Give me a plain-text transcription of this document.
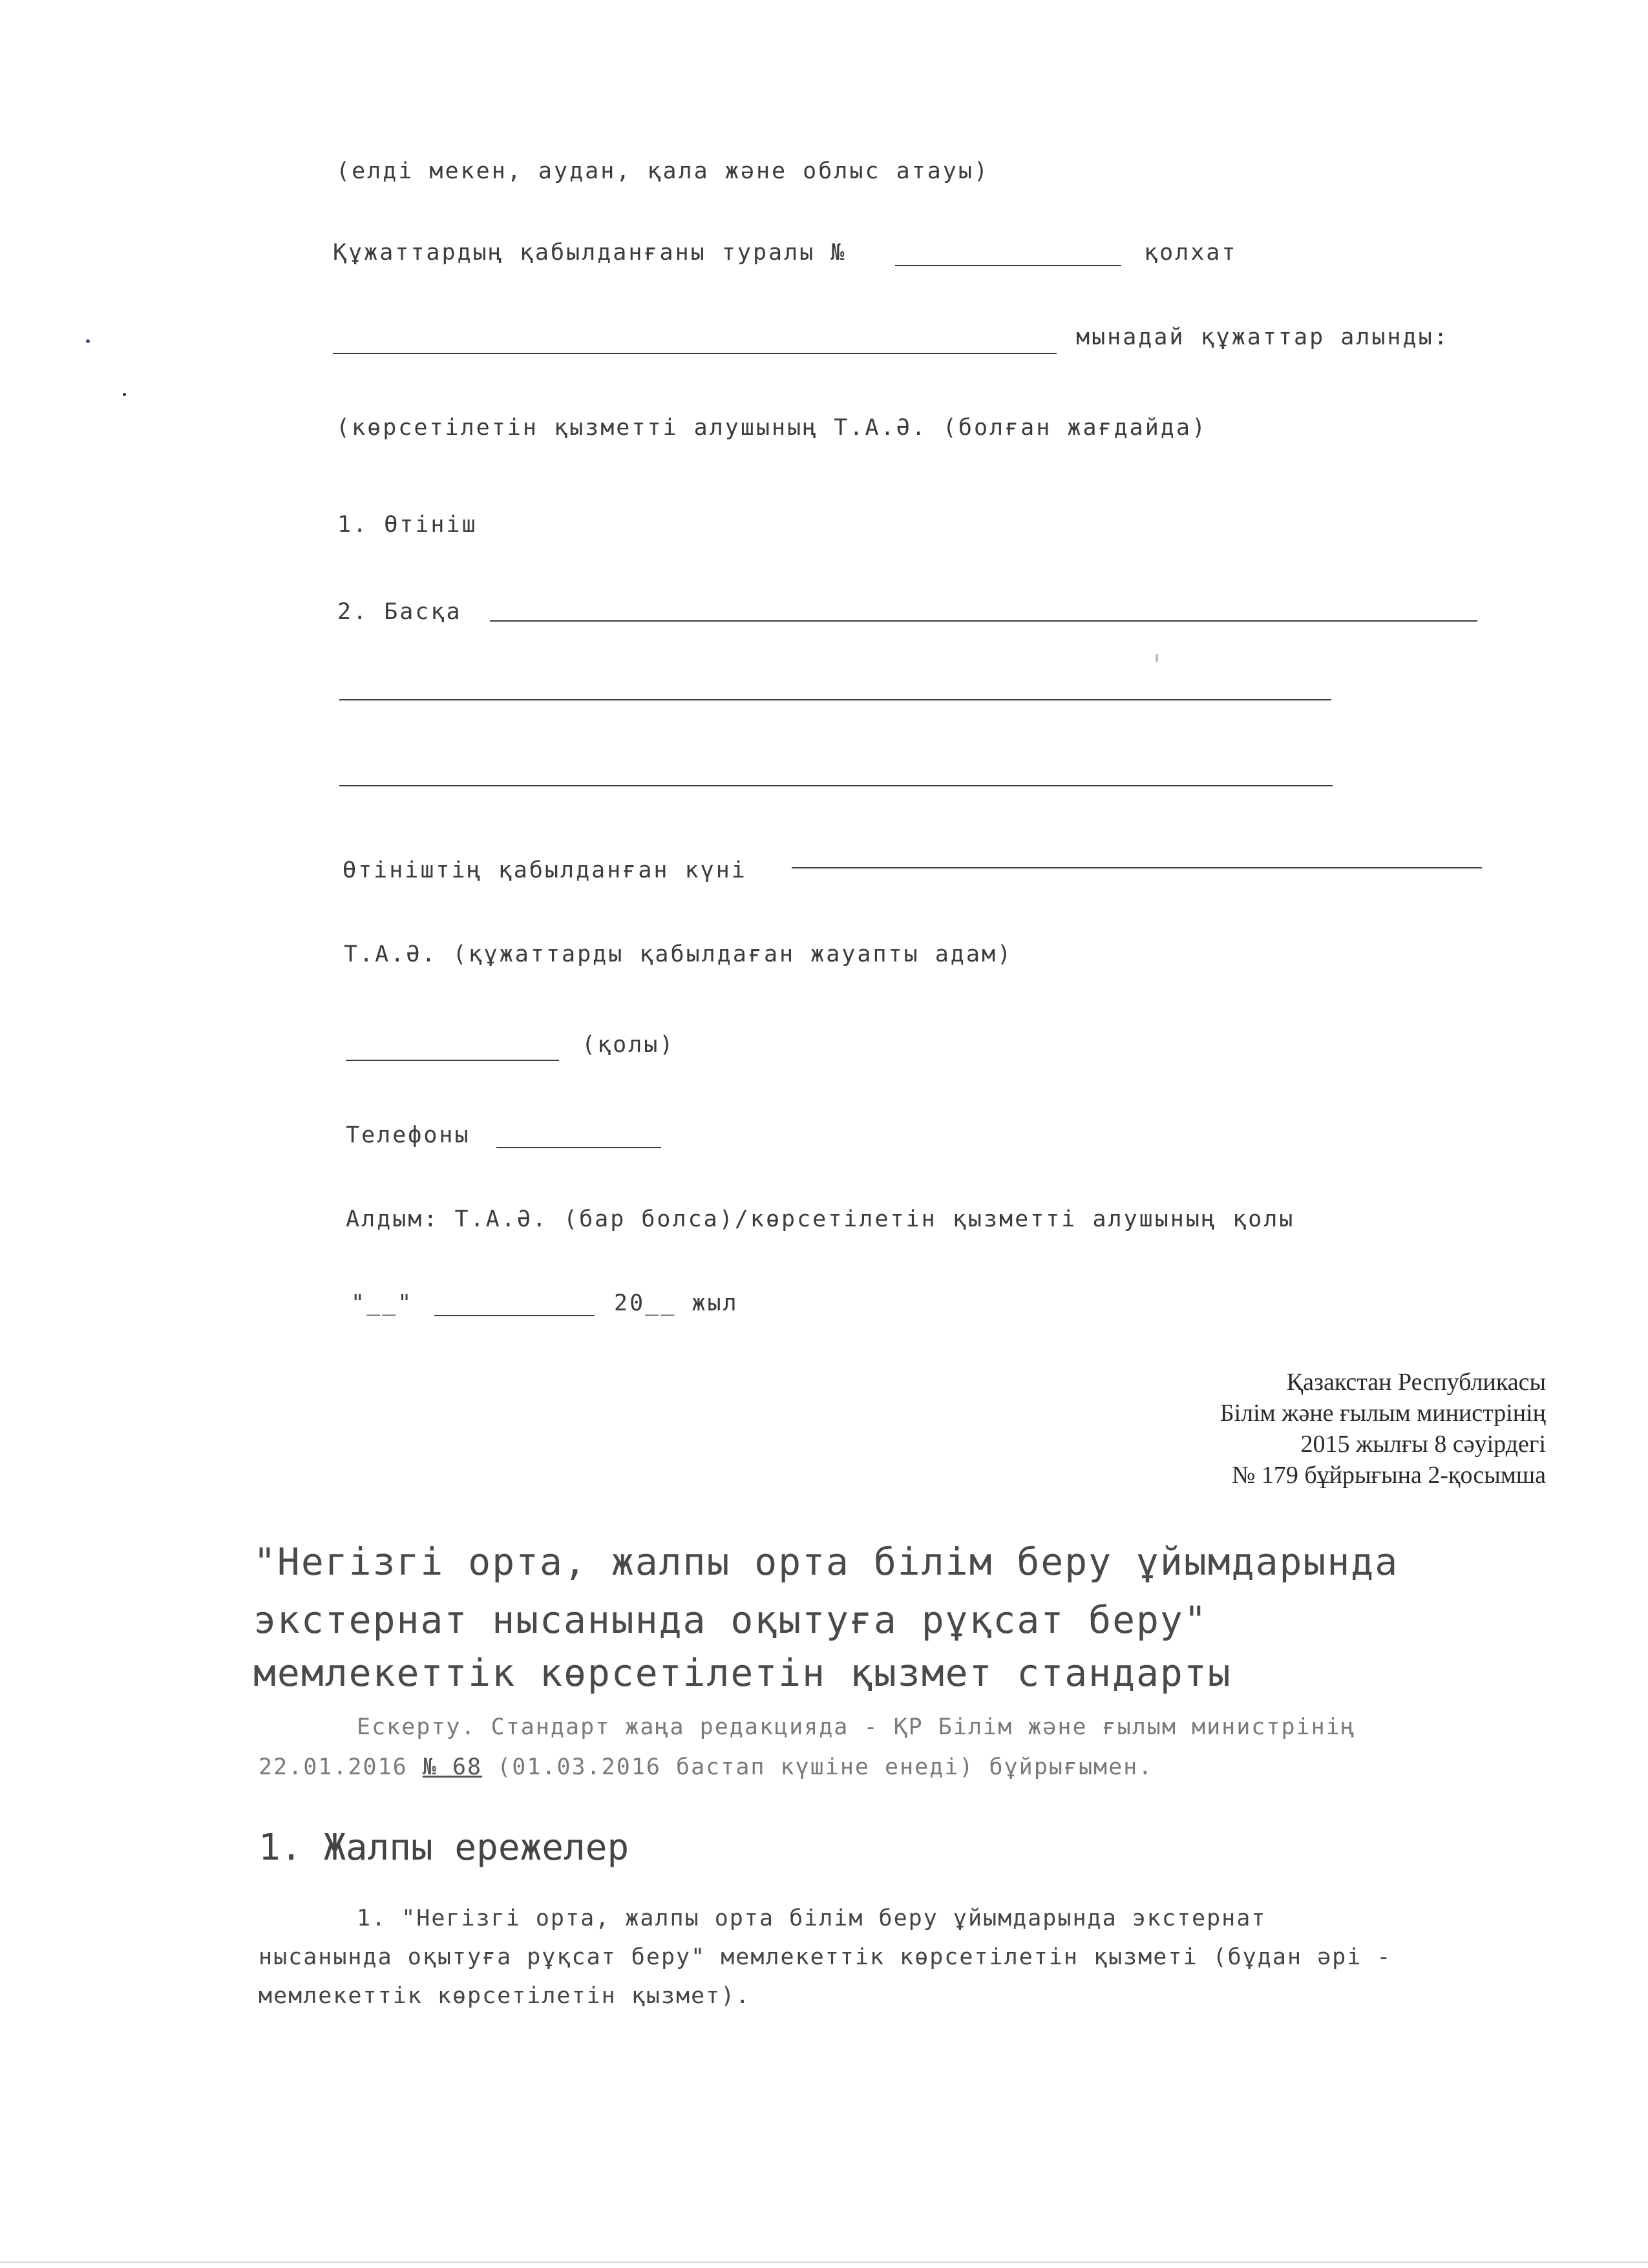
(елді мекен, аудан, қала және облыс атауы)
Құжаттардың қабылданғаны туралы №	қолхат
мынадай құжаттар алынды:
(көрсетілетін қызметті алушының Т.А.Ә. (болған жағдайда)
1. Өтініш
2. Басқа
Өтініштің қабылданған күні
Т.А.Ә. (құжаттарды қабылдаған жауапты адам)
(қолы)
Телефоны
Алдым: Т.А.Ә. (бар болса)/көрсетілетін қызметті алушының қолы
"__"	20__ жыл
Қазакстан Республикасы
Білім және ғылым министрінің
2015 жылғы 8 сәуірдегі
№ 179 бұйрығына 2-қосымша
"Негізгі орта, жалпы орта білім беру ұйымдарында
экстернат нысанында оқытуға рұқсат беру"
мемлекеттік көрсетілетін қызмет стандарты
Ескерту. Стандарт жаңа редакцияда - ҚР Білім және ғылым министрінің
22.01.2016 № 68 (01.03.2016 бастап күшіне енеді) бұйрығымен.
1. Жалпы ережелер
1. "Негізгі орта, жалпы орта білім беру ұйымдарында экстернат
нысанында оқытуға рұқсат беру" мемлекеттік көрсетілетін қызметі (бұдан әрі -
мемлекеттік көрсетілетін қызмет).
